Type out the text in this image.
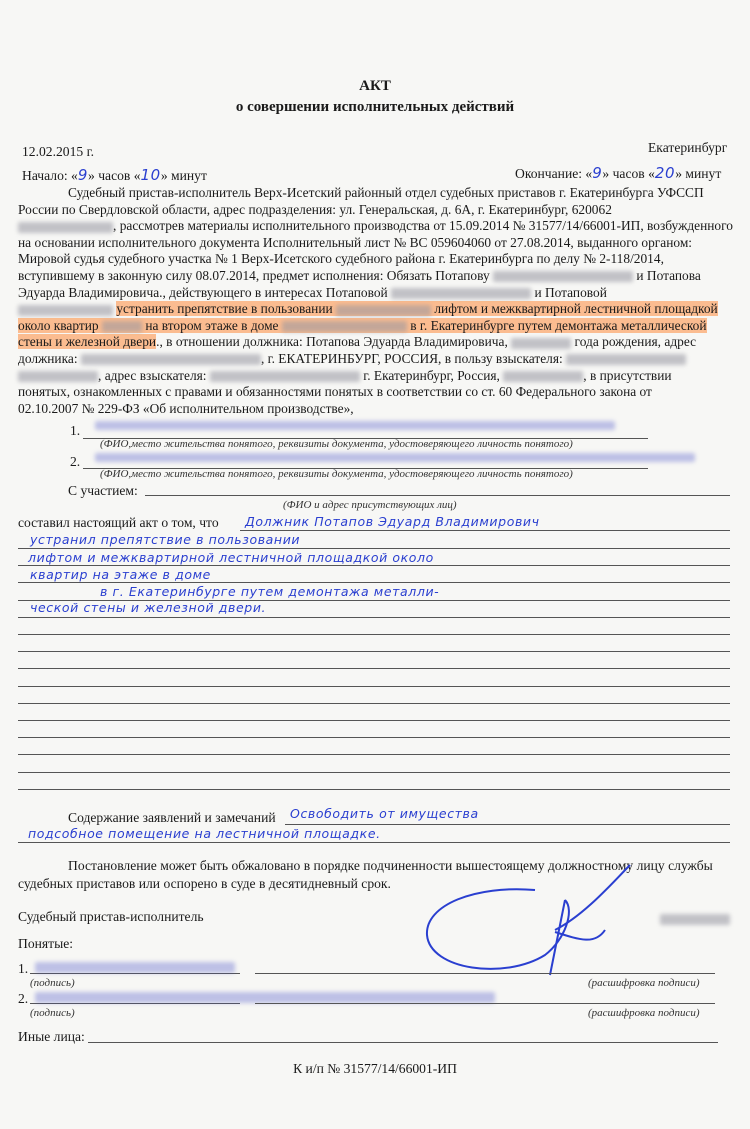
АКТ
о совершении исполнительных действий
12.02.2015 г.	Екатеринбург
Начало: «9» часов «10» минут	Окончание: «9» часов «20» минут
Судебный пристав-исполнитель Верх-Исетский районный отдел судебных приставов г. Екатеринбурга УФССП
России по Свердловской области, адрес подразделения: ул. Генеральская, д. 6А, г. Екатеринбург, 620062
, рассмотрев материалы исполнительного производства от 15.09.2014 № 31577/14/66001-ИП, возбужденного
на основании исполнительного документа Исполнительный лист № ВС 059604060 от 27.08.2014, выданного органом:
Мировой судья судебного участка № 1 Верх-Исетского судебного района г. Екатеринбурга по делу № 2-118/2014,
вступившему в законную силу 08.07.2014, предмет исполнения: Обязать Потапову	и Потапова
Эдуарда Владимировича., действующего в интересах Потаповой	и Потаповой
устранить препятствие в пользовании	лифтом и межквартирной лестничной площадкой
около квартир	на втором этаже в доме	в г. Екатеринбурге путем демонтажа металлической
стены и железной двери., в отношении должника: Потапова Эдуарда Владимировича,	года рождения, адрес
должника:	, г. ЕКАТЕРИНБУРГ, РОССИЯ, в пользу взыскателя:
, адрес взыскателя:	г. Екатеринбург, Россия,	, в присутствии
понятых, ознакомленных с правами и обязанностями понятых в соответствии со ст. 60 Федерального закона от
02.10.2007 № 229-ФЗ «Об исполнительном производстве»,
1.
(ФИО,место жительства понятого, реквизиты документа, удостоверяющего личность понятого)
2.
(ФИО,место жительства понятого, реквизиты документа, удостоверяющего личность понятого)
С участием:
(ФИО и адрес присутствующих лиц)
составил настоящий акт о том, что Должник Потапов Эдуард Владимирович
устранил препятствие в пользовании
лифтом и межквартирной лестничной площадкой около
квартир на этаже в доме
в г. Екатеринбурге путем демонтажа металли-
ческой стены и железной двери.
Содержание заявлений и замечаний Освободить от имущества
подсобное помещение на лестничной площадке.
Постановление может быть обжаловано в порядке подчиненности вышестоящему должностному лицу службы
судебных приставов или оспорено в суде в десятидневный срок.
Судебный пристав-исполнитель
Понятые:
1.
(подпись)	(расшифровка подписи)
2.
(подпись)	(расшифровка подписи)
Иные лица:
К и/п № 31577/14/66001-ИП
